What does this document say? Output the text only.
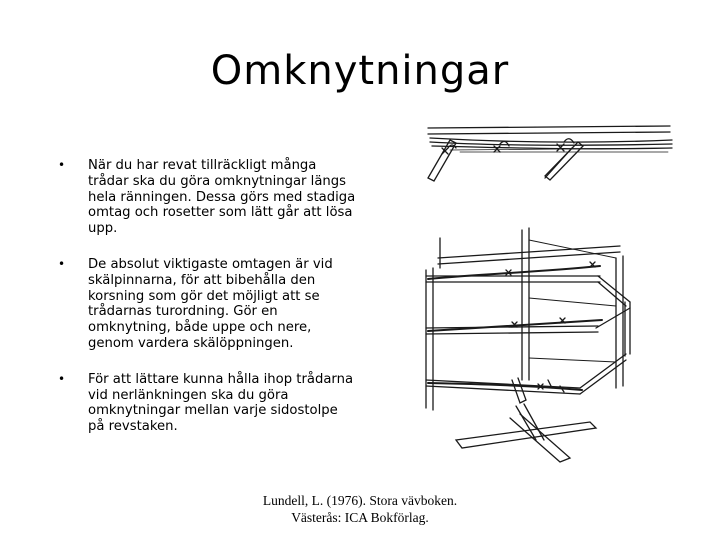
Omknytningar
• När du har revat tillräckligt många trådar ska du göra omknytningar längs hela ränningen. Dessa görs med stadiga omtag och rosetter som lätt går att lösa upp.
• De absolut viktigaste omtagen är vid skälpinnarna, för att bibehålla den korsning som gör det möjligt att se trådarnas turordning. Gör en omknytning, både uppe och nere, genom vardera skälöppningen.
• För att lättare kunna hålla ihop trådarna vid nerlänkningen ska du göra omknytningar mellan varje sidostolpe på revstaken.
Lundell, L. (1976). Stora vävboken.
Västerås: ICA Bokförlag.
